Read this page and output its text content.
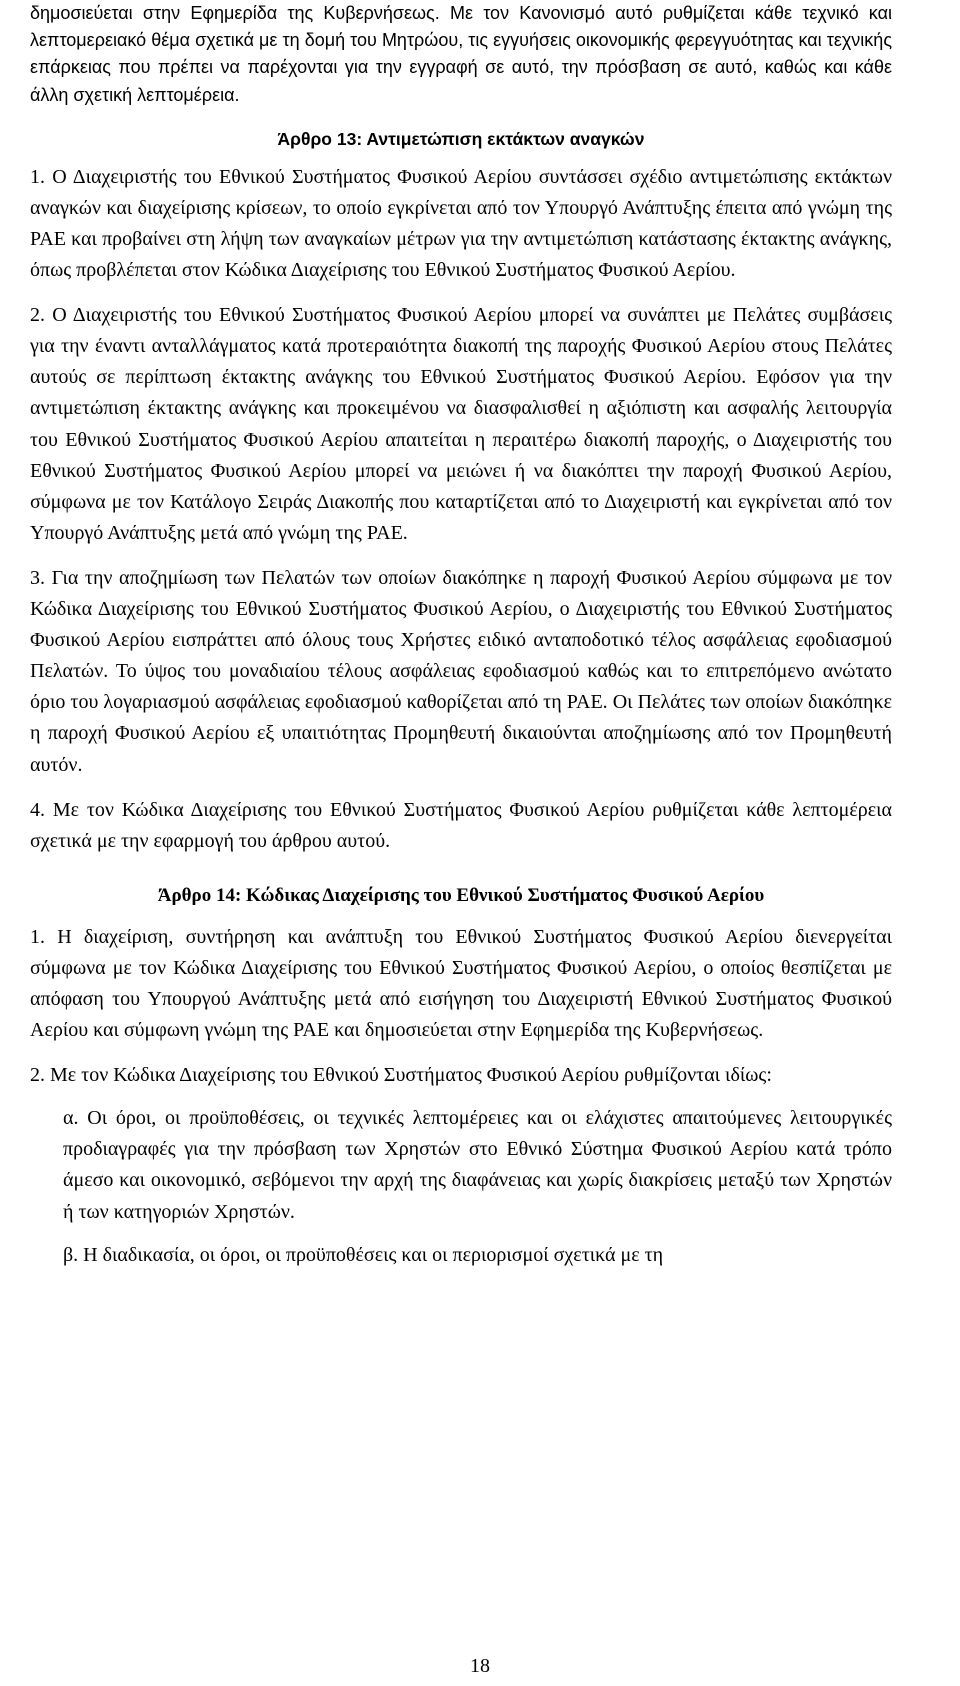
δημοσιεύεται στην Εφημερίδα της Κυβερνήσεως. Με τον Κανονισμό αυτό ρυθμίζεται κάθε τεχνικό και λεπτομερειακό θέμα σχετικά με τη δομή του Μητρώου, τις εγγυήσεις οικονομικής φερεγγυότητας και τεχνικής επάρκειας που πρέπει να παρέχονται για την εγγραφή σε αυτό, την πρόσβαση σε αυτό, καθώς και κάθε άλλη σχετική λεπτομέρεια.

Άρθρο 13: Αντιμετώπιση εκτάκτων αναγκών

1. Ο Διαχειριστής του Εθνικού Συστήματος Φυσικού Αερίου συντάσσει σχέδιο αντιμετώπισης εκτάκτων αναγκών και διαχείρισης κρίσεων, το οποίο εγκρίνεται από τον Υπουργό Ανάπτυξης έπειτα από γνώμη της ΡΑΕ και προβαίνει στη λήψη των αναγκαίων μέτρων για την αντιμετώπιση κατάστασης έκτακτης ανάγκης, όπως προβλέπεται στον Κώδικα Διαχείρισης του Εθνικού Συστήματος Φυσικού Αερίου.

2. Ο Διαχειριστής του Εθνικού Συστήματος Φυσικού Αερίου μπορεί να συνάπτει με Πελάτες συμβάσεις για την έναντι ανταλλάγματος κατά προτεραιότητα διακοπή της παροχής Φυσικού Αερίου στους Πελάτες αυτούς σε περίπτωση έκτακτης ανάγκης του Εθνικού Συστήματος Φυσικού Αερίου. Εφόσον για την αντιμετώπιση έκτακτης ανάγκης και προκειμένου να διασφαλισθεί η αξιόπιστη και ασφαλής λειτουργία του Εθνικού Συστήματος Φυσικού Αερίου απαιτείται η περαιτέρω διακοπή παροχής, ο Διαχειριστής του Εθνικού Συστήματος Φυσικού Αερίου μπορεί να μειώνει ή να διακόπτει την παροχή Φυσικού Αερίου, σύμφωνα με τον Κατάλογο Σειράς Διακοπής που καταρτίζεται από το Διαχειριστή και εγκρίνεται από τον Υπουργό Ανάπτυξης μετά από γνώμη της ΡΑΕ.

3. Για την αποζημίωση των Πελατών των οποίων διακόπηκε η παροχή Φυσικού Αερίου σύμφωνα με τον Κώδικα Διαχείρισης του Εθνικού Συστήματος Φυσικού Αερίου, ο Διαχειριστής του Εθνικού Συστήματος Φυσικού Αερίου εισπράττει από όλους τους Χρήστες ειδικό ανταποδοτικό τέλος ασφάλειας εφοδιασμού Πελατών. Το ύψος του μοναδιαίου τέλους ασφάλειας εφοδιασμού καθώς και το επιτρεπόμενο ανώτατο όριο του λογαριασμού ασφάλειας εφοδιασμού καθορίζεται από τη ΡΑΕ. Οι Πελάτες των οποίων διακόπηκε η παροχή Φυσικού Αερίου εξ υπαιτιότητας Προμηθευτή δικαιούνται αποζημίωσης από τον Προμηθευτή αυτόν.

4. Με τον Κώδικα Διαχείρισης του Εθνικού Συστήματος Φυσικού Αερίου ρυθμίζεται κάθε λεπτομέρεια σχετικά με την εφαρμογή του άρθρου αυτού.

Άρθρο 14: Κώδικας Διαχείρισης του Εθνικού Συστήματος Φυσικού Αερίου

1. Η διαχείριση, συντήρηση και ανάπτυξη του Εθνικού Συστήματος Φυσικού Αερίου διενεργείται σύμφωνα με τον Κώδικα Διαχείρισης του Εθνικού Συστήματος Φυσικού Αερίου, ο οποίος θεσπίζεται με απόφαση του Υπουργού Ανάπτυξης μετά από εισήγηση του Διαχειριστή Εθνικού Συστήματος Φυσικού Αερίου και σύμφωνη γνώμη της ΡΑΕ και δημοσιεύεται στην Εφημερίδα της Κυβερνήσεως.

2. Με τον Κώδικα Διαχείρισης του Εθνικού Συστήματος Φυσικού Αερίου ρυθμίζονται ιδίως:

α. Οι όροι, οι προϋποθέσεις, οι τεχνικές λεπτομέρειες και οι ελάχιστες απαιτούμενες λειτουργικές προδιαγραφές για την πρόσβαση των Χρηστών στο Εθνικό Σύστημα Φυσικού Αερίου κατά τρόπο άμεσο και οικονομικό, σεβόμενοι την αρχή της διαφάνειας και χωρίς διακρίσεις μεταξύ των Χρηστών ή των κατηγοριών Χρηστών.

β. Η διαδικασία, οι όροι, οι προϋποθέσεις και οι περιορισμοί σχετικά με τη

18
